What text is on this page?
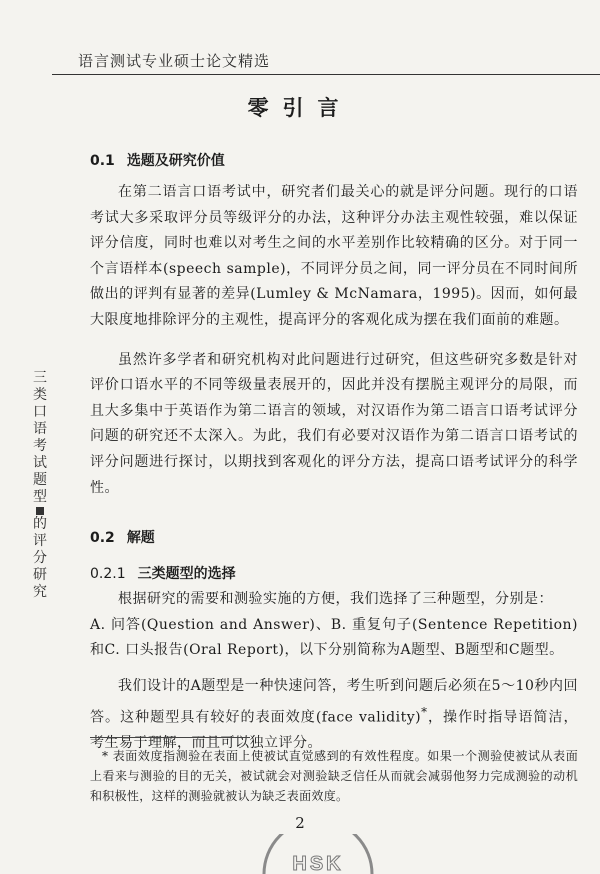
语言测试专业硕士论文精选
三
类
口
语
考
试
题
型
的
评
分
研
究
零引言
0.1 选题及研究价值

在第二语言口语考试中，研究者们最关心的就是评分问题。现行的口语考试大多采取评分员等级评分的办法，这种评分办法主观性较强，难以保证评分信度，同时也难以对考生之间的水平差别作比较精确的区分。对于同一个言语样本(speech sample)，不同评分员之间，同一评分员在不同时间所做出的评判有显著的差异(Lumley & McNamara，1995)。因而，如何最大限度地排除评分的主观性，提高评分的客观化成为摆在我们面前的难题。

虽然许多学者和研究机构对此问题进行过研究，但这些研究多数是针对评价口语水平的不同等级量表展开的，因此并没有摆脱主观评分的局限，而且大多集中于英语作为第二语言的领域，对汉语作为第二语言口语考试评分问题的研究还不太深入。为此，我们有必要对汉语作为第二语言口语考试的评分问题进行探讨，以期找到客观化的评分方法，提高口语考试评分的科学性。

0.2 解题
0.2.1 三类题型的选择

根据研究的需要和测验实施的方便，我们选择了三种题型，分别是：

A. 问答(Question and Answer)、B. 重复句子(Sentence Repetition)和C. 口头报告(Oral Report)，以下分别简称为A题型、B题型和C题型。

我们设计的A题型是一种快速问答，考生听到问题后必须在5～10秒内回答。这种题型具有较好的表面效度(face validity)*，操作时指导语简洁，考生易于理解，而且可以独立评分。

* 表面效度指测验在表面上使被试直觉感到的有效性程度。如果一个测验使被试从表面上看来与测验的目的无关，被试就会对测验缺乏信任从而就会减弱他努力完成测验的动机和积极性，这样的测验就被认为缺乏表面效度。

2
HSK
